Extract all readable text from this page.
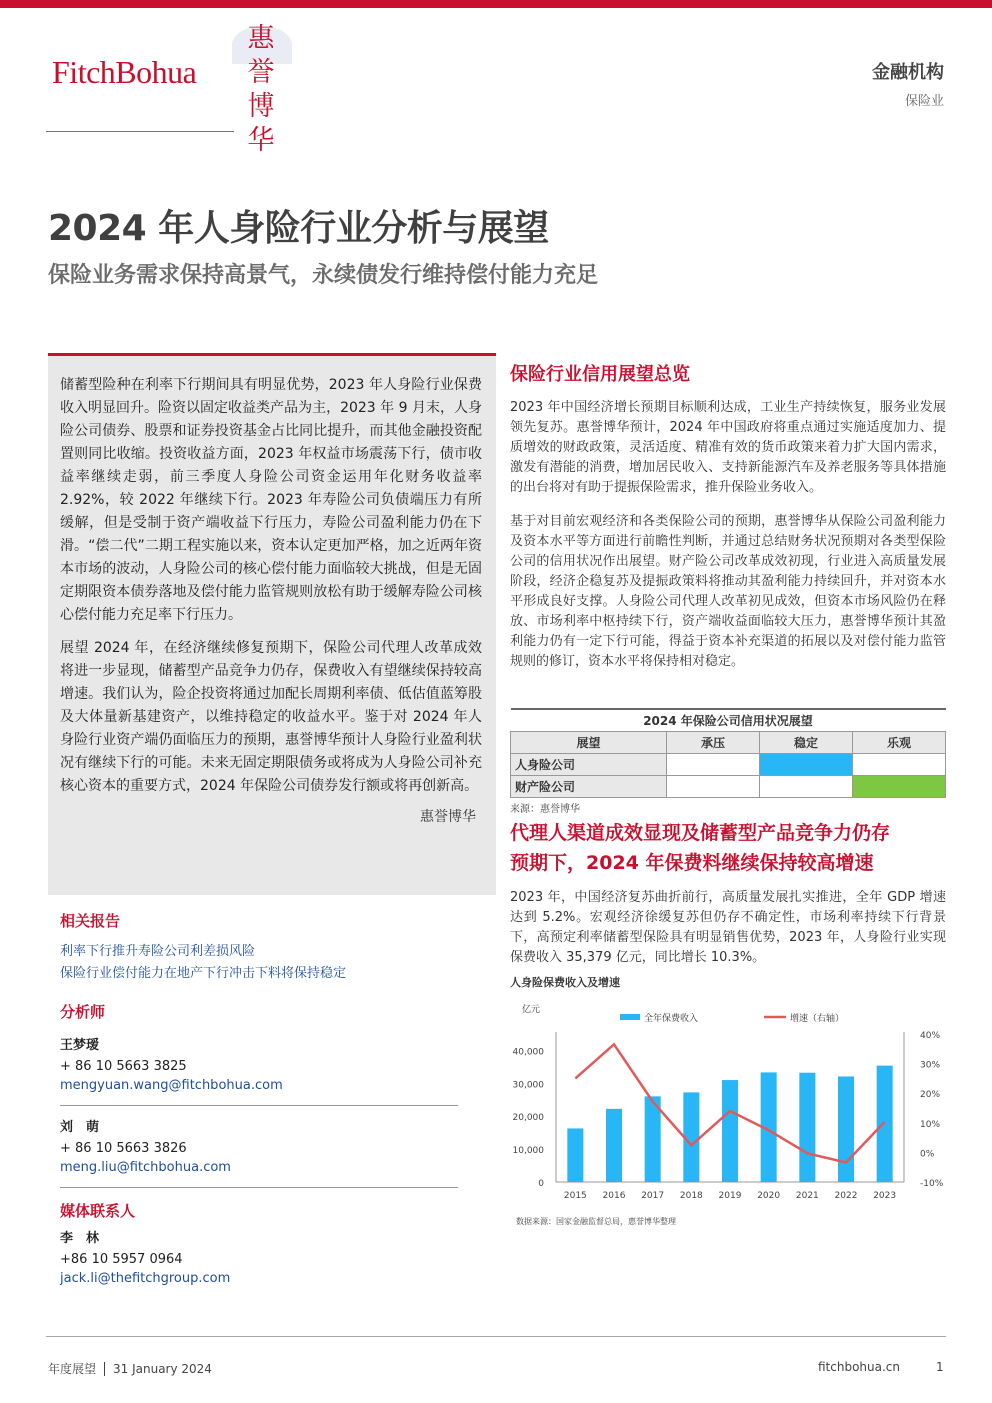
FitchBohua
惠誉
博华
金融机构
保险业
2024 年人身险行业分析与展望
保险业务需求保持高景气，永续债发行维持偿付能力充足

储蓄型险种在利率下行期间具有明显优势，2023 年人身险行业保费收入明显回升。险资以固定收益类产品为主，2023 年 9 月末，人身险公司债券、股票和证券投资基金占比同比提升，而其他金融投资配置则同比收缩。投资收益方面，2023 年权益市场震荡下行，债市收益率继续走弱，前三季度人身险公司资金运用年化财务收益率 2.92%，较 2022 年继续下行。2023 年寿险公司负债端压力有所缓解，但是受制于资产端收益下行压力，寿险公司盈利能力仍在下滑。“偿二代”二期工程实施以来，资本认定更加严格，加之近两年资本市场的波动，人身险公司的核心偿付能力面临较大挑战，但是无固定期限资本债券落地及偿付能力监管规则放松有助于缓解寿险公司核心偿付能力充足率下行压力。

展望 2024 年，在经济继续修复预期下，保险公司代理人改革成效将进一步显现，储蓄型产品竞争力仍存，保费收入有望继续保持较高增速。我们认为，险企投资将通过加配长周期利率债、低估值蓝筹股及大体量新基建资产，以维持稳定的收益水平。鉴于对 2024 年人身险行业资产端仍面临压力的预期，惠誉博华预计人身险行业盈利状况有继续下行的可能。未来无固定期限债务或将成为人身险公司补充核心资本的重要方式，2024 年保险公司债券发行额或将再创新高。

惠誉博华
保险行业信用展望总览

2023 年中国经济增长预期目标顺利达成，工业生产持续恢复，服务业发展领先复苏。惠誉博华预计，2024 年中国政府将重点通过实施适度加力、提质增效的财政政策，灵活适度、精准有效的货币政策来着力扩大国内需求，激发有潜能的消费，增加居民收入、支持新能源汽车及养老服务等具体措施的出台将对有助于提振保险需求，推升保险业务收入。

基于对目前宏观经济和各类保险公司的预期，惠誉博华从保险公司盈利能力及资本水平等方面进行前瞻性判断，并通过总结财务状况预期对各类型保险公司的信用状况作出展望。财产险公司改革成效初现，行业进入高质量发展阶段，经济企稳复苏及提振政策料将推动其盈利能力持续回升，并对资本水平形成良好支撑。人身险公司代理人改革初见成效，但资本市场风险仍在释放、市场利率中枢持续下行，资产端收益面临较大压力，惠誉博华预计其盈利能力仍有一定下行可能，得益于资本补充渠道的拓展以及对偿付能力监管规则的修订，资本水平将保持相对稳定。

2024 年保险公司信用状况展望			
展望	承压	稳定	乐观
人身险公司			
财产险公司			
来源：惠誉博华
代理人渠道成效显现及储蓄型产品竞争力仍存
预期下，2024 年保费料继续保持较高增速

2023 年，中国经济复苏曲折前行，高质量发展扎实推进，全年 GDP 增速达到 5.2%。宏观经济徐缓复苏但仍存不确定性，市场利率持续下行背景下，高预定利率储蓄型保险具有明显销售优势，2023 年，人身险行业实现保费收入 35,379 亿元，同比增长 10.3%。

人身险保费收入及增速
亿元
0
10,000
20,000
30,000
40,000
-10%
0%
10%
20%
30%
40%
2015 2016 2017 2018 2019 2020 2021 2022 2023
全年保费收入	增速（右轴）
数据来源：国家金融监督总局，惠誉博华整理
相关报告
利率下行推升寿险公司利差损风险
保险行业偿付能力在地产下行冲击下料将保持稳定
分析师
王梦瑷
+ 86 10 5663 3825
mengyuan.wang@fitchbohua.com
刘　萌
+ 86 10 5663 3826
meng.liu@fitchbohua.com
媒体联系人
李　林
+86 10 5957 0964
jack.li@thefitchgroup.com
年度展望 31 January 2024	fitchbohua.cn	1
